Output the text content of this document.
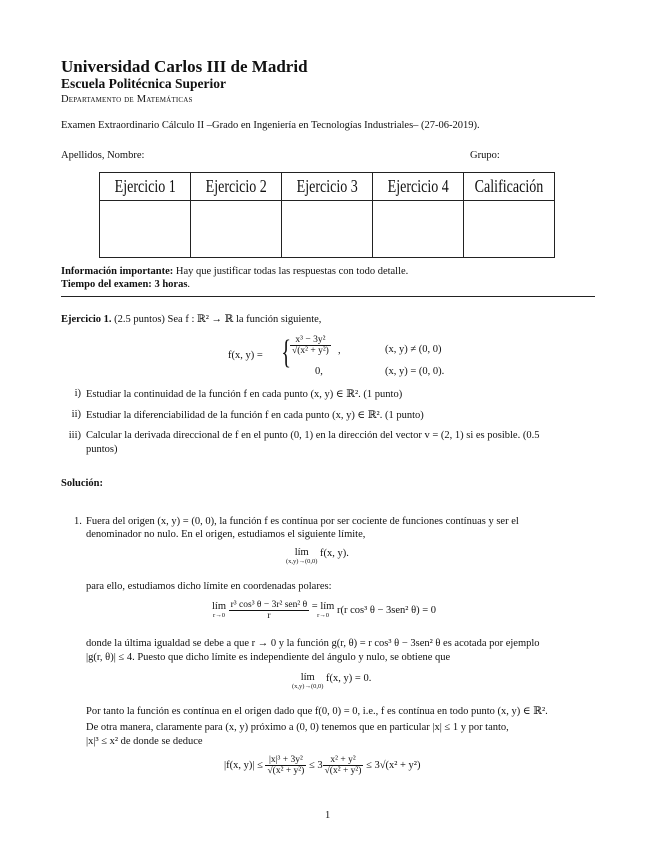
Universidad Carlos III de Madrid
Escuela Politécnica Superior
Departamento de Matemáticas
Examen Extraordinario Cálculo II –Grado en Ingeniería en Tecnologías Industriales– (27-06-2019).
Apellidos, Nombre:	Grupo:
Ejercicio 1	Ejercicio 2	Ejercicio 3	Ejercicio 4	Calificación

Información importante: Hay que justificar todas las respuestas con todo detalle.
Tiempo del examen: 3 horas.
Ejercicio 1. (2.5 puntos) Sea f : ℝ² → ℝ la función siguiente,
f(x, y) = {
$\frac{\text{x³ − 3y²}}{\text{√(x² + y²)}}$ ,	(x, y) ≠ (0, 0)
0,	(x, y) = (0, 0).
i) Estudiar la continuidad de la función f en cada punto (x, y) ∈ ℝ². (1 punto)
ii) Estudiar la diferenciabilidad de la función f en cada punto (x, y) ∈ ℝ². (1 punto)
iii) Calcular la derivada direccional de f en el punto (0, 1) en la dirección del vector v = (2, 1) si es posible. (0.5
puntos)
Solución:
1. Fuera del origen (x, y) = (0, 0), la función f es contínua por ser cociente de funciones contínuas y ser el
denominador no nulo. En el origen, estudiamos el siguiente límite,
lím
(x,y)→(0,0)
f(x, y).
para ello, estudiamos dicho límite en coordenadas polares:
lím
r→0
$\frac{\text{r³ cos³ θ − 3r² sen² θ}}{r}$ = lím
r→0 r(r cos³ θ − 3sen² θ) = 0
donde la última igualdad se debe a que r → 0 y la función g(r, θ) = r cos³ θ − 3sen² θ es acotada por ejemplo
|g(r, θ)| ≤ 4. Puesto que dicho límite es independiente del ángulo y nulo, se obtiene que
lím
(x,y)→(0,0)
f(x, y) = 0.
Por tanto la función es contínua en el origen dado que f(0, 0) = 0, i.e., f es contínua en todo punto (x, y) ∈ ℝ².
De otra manera, claramente para (x, y) próximo a (0, 0) tenemos que en particular |x| ≤ 1 y por tanto,
|x|³ ≤ x² de donde se deduce
|f(x, $y)| \le \frac{\text{|x|³ + 3y²}}{\text{√(x² + y²)}} \le 3 \frac{\text{x² + y²}}{\text{√(x² + y²)}} \le 3√(x^2 + y^2)$
1
